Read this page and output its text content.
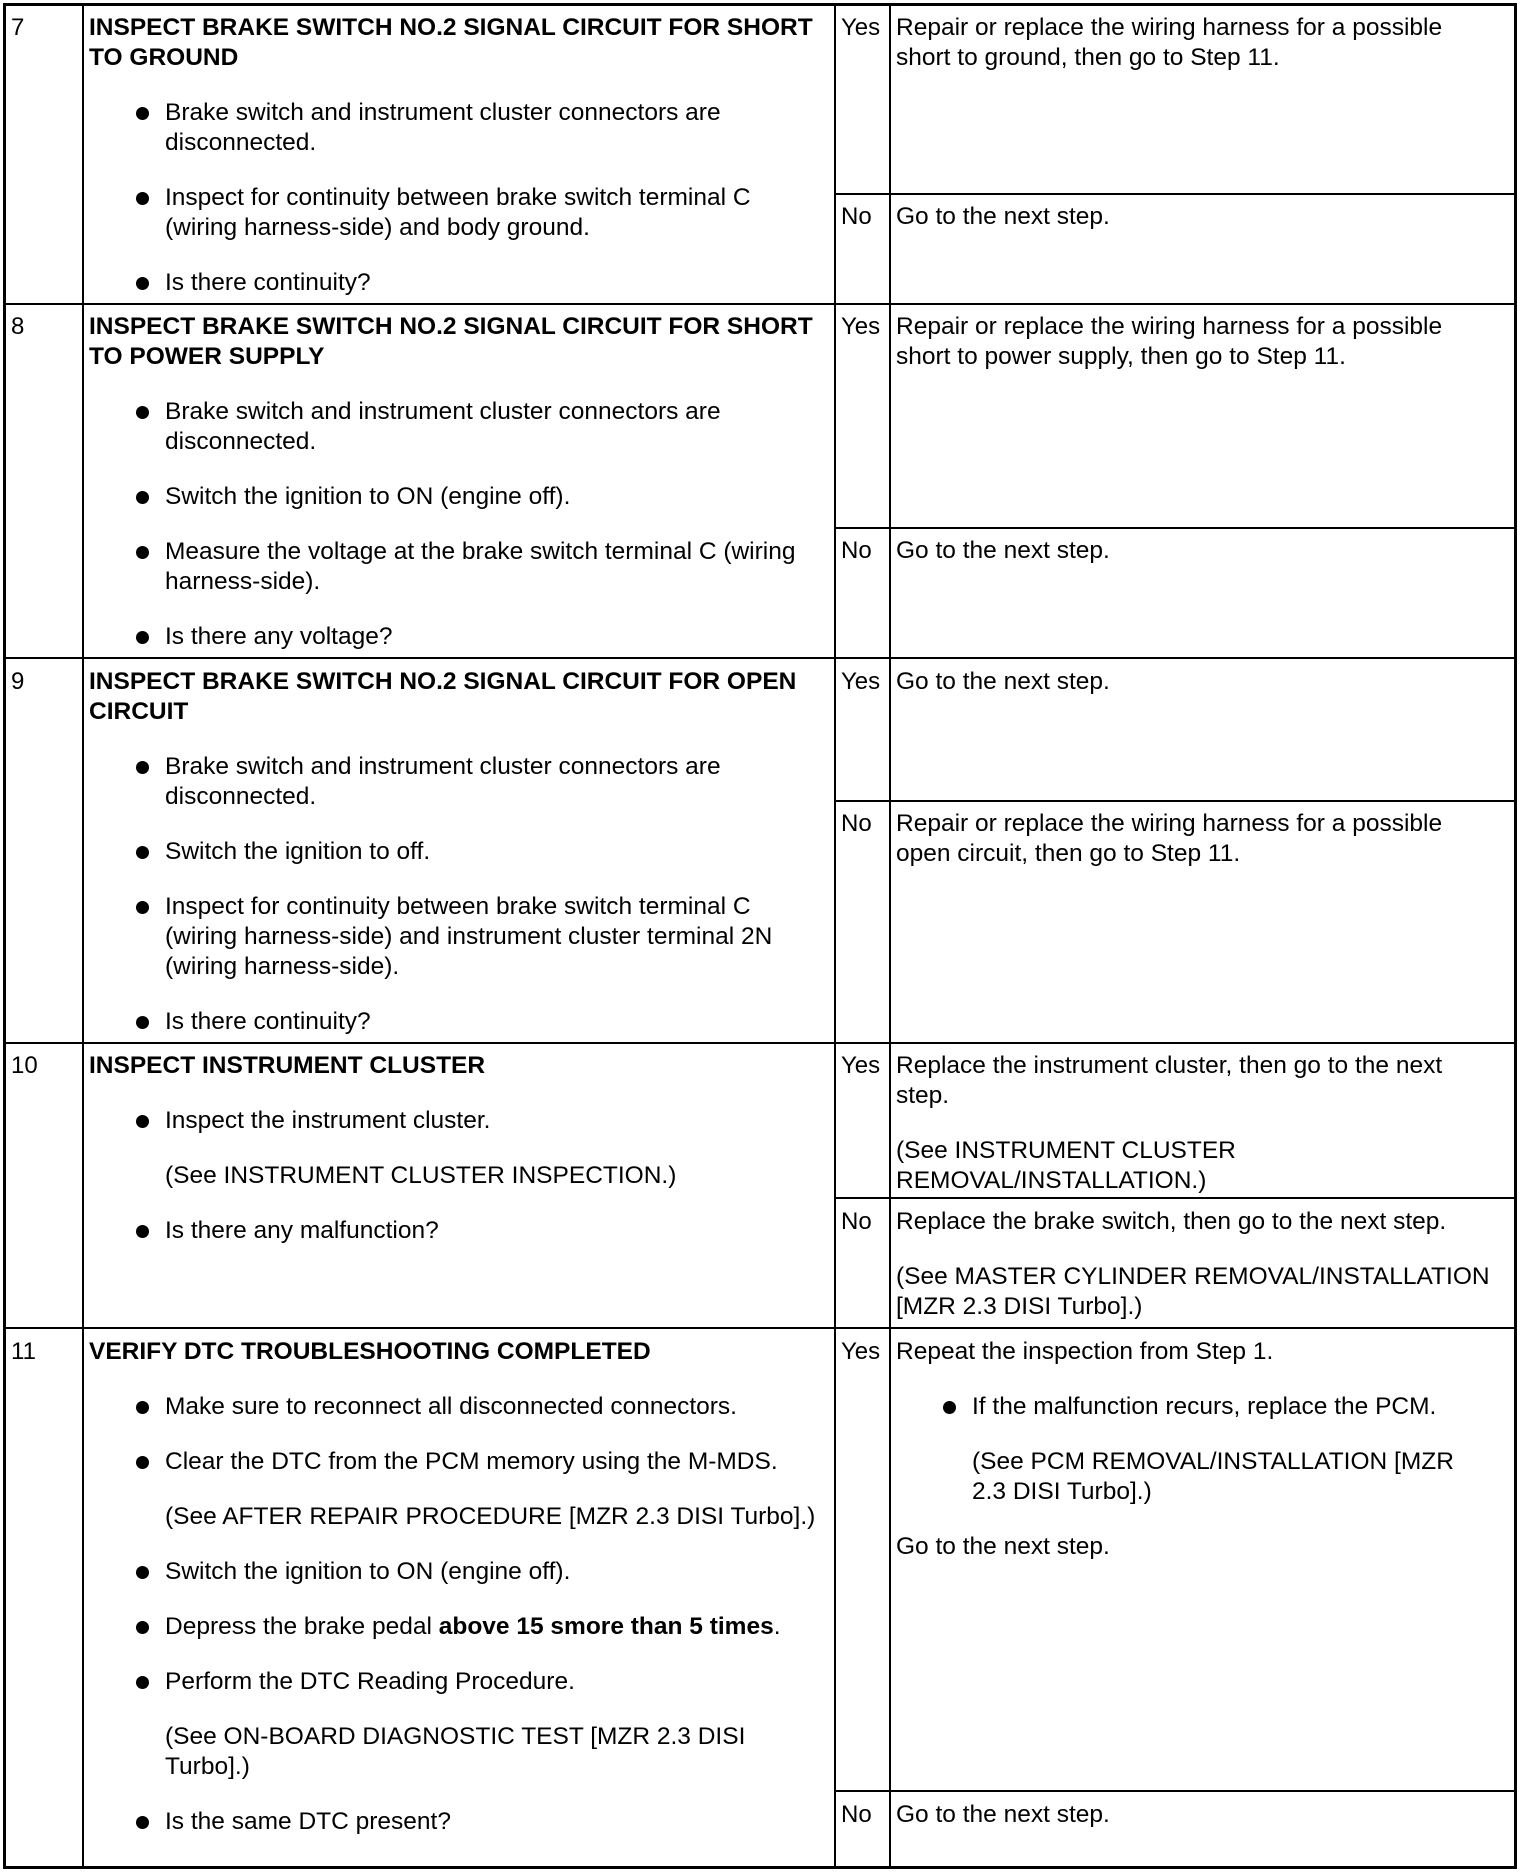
7	INSPECT BRAKE SWITCH NO.2 SIGNAL CIRCUIT FOR SHORT TO GROUND

Brake switch and instrument cluster connectors are disconnected.
Inspect for continuity between brake switch terminal C (wiring harness-side) and body ground.
Is there continuity?
Yes Repair or replace the wiring harness for a possible short to ground, then go to Step 11.

No Go to the next step.

8	INSPECT BRAKE SWITCH NO.2 SIGNAL CIRCUIT FOR SHORT TO POWER SUPPLY

Brake switch and instrument cluster connectors are disconnected.
Switch the ignition to ON (engine off).
Measure the voltage at the brake switch terminal C (wiring harness-side).
Is there any voltage?
Yes Repair or replace the wiring harness for a possible short to power supply, then go to Step 11.

No Go to the next step.

9	INSPECT BRAKE SWITCH NO.2 SIGNAL CIRCUIT FOR OPEN CIRCUIT

Brake switch and instrument cluster connectors are disconnected.
Switch the ignition to off.
Inspect for continuity between brake switch terminal C (wiring harness-side) and instrument cluster terminal 2N (wiring harness-side).
Is there continuity?
Yes Go to the next step.

No Repair or replace the wiring harness for a possible open circuit, then go to Step 11.

10 INSPECT INSTRUMENT CLUSTER

Inspect the instrument cluster.
(See INSTRUMENT CLUSTER INSPECTION.)
Is there any malfunction?
Yes Replace the instrument cluster, then go to the next step.

(See INSTRUMENT CLUSTER REMOVAL/INSTALLATION.)

No Replace the brake switch, then go to the next step.

(See MASTER CYLINDER REMOVAL/INSTALLATION [MZR 2.3 DISI Turbo].)

11 VERIFY DTC TROUBLESHOOTING COMPLETED

Make sure to reconnect all disconnected connectors.
Clear the DTC from the PCM memory using the M-MDS.
(See AFTER REPAIR PROCEDURE [MZR 2.3 DISI Turbo].)
Switch the ignition to ON (engine off).
Depress the brake pedal above 15 smore than 5 times.
Perform the DTC Reading Procedure.
(See ON-BOARD DIAGNOSTIC TEST [MZR 2.3 DISI Turbo].)
Is the same DTC present?
Yes Repeat the inspection from Step 1.

If the malfunction recurs, replace the PCM.
(See PCM REMOVAL/INSTALLATION [MZR 2.3 DISI Turbo].)

Go to the next step.

No Go to the next step.
